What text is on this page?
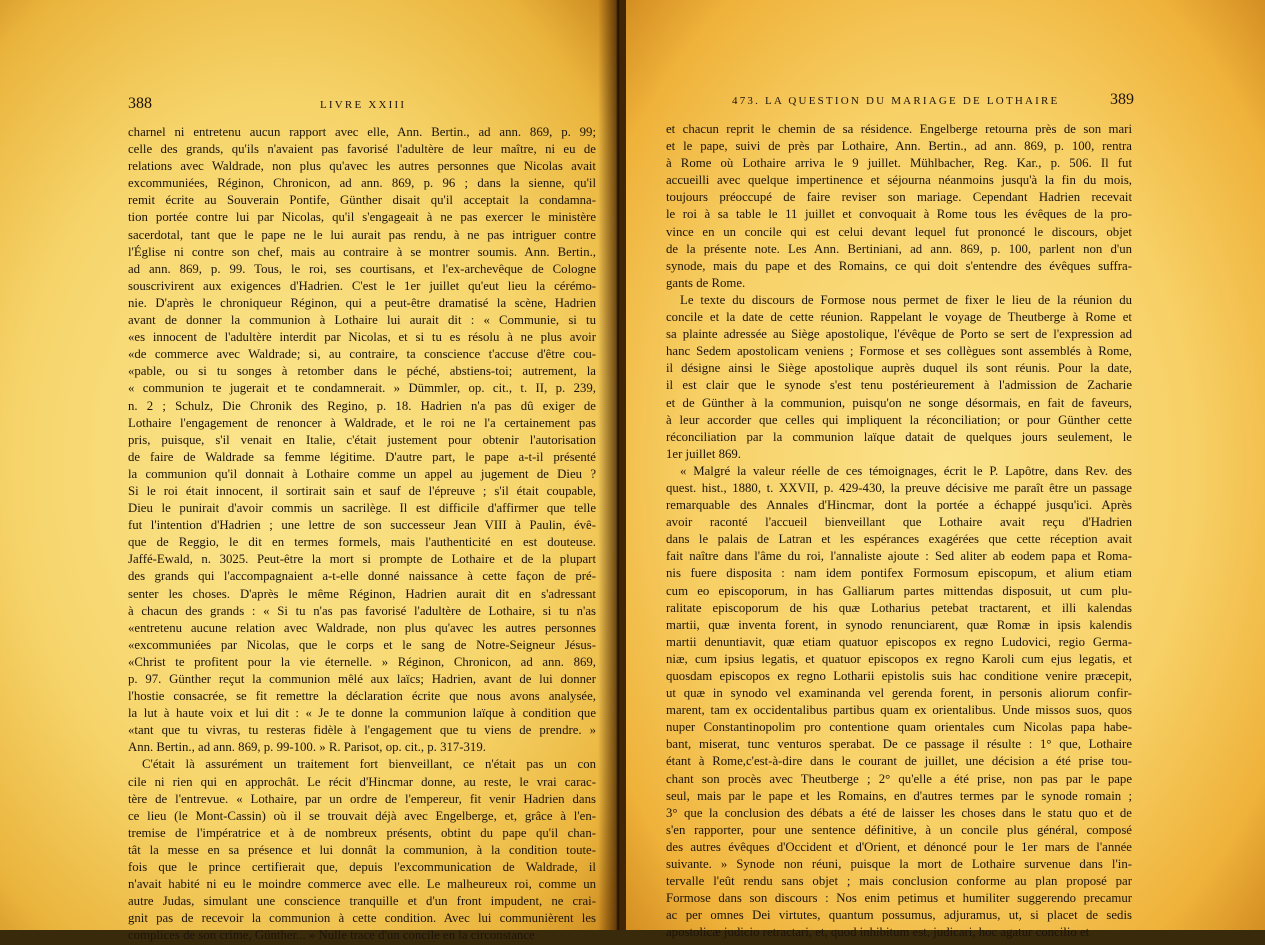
388	LIVRE XXIII
charnel ni entretenu aucun rapport avec elle, Ann. Bertin., ad ann. 869, p. 99;
celle des grands, qu'ils n'avaient pas favorisé l'adultère de leur maître, ni eu de
relations avec Waldrade, non plus qu'avec les autres personnes que Nicolas avait
excommuniées, Réginon, Chronicon, ad ann. 869, p. 96 ; dans la sienne, qu'il
remit écrite au Souverain Pontife, Günther disait qu'il acceptait la condamna-
tion portée contre lui par Nicolas, qu'il s'engageait à ne pas exercer le ministère
sacerdotal, tant que le pape ne le lui aurait pas rendu, à ne pas intriguer contre
l'Église ni contre son chef, mais au contraire à se montrer soumis. Ann. Bertin.,
ad ann. 869, p. 99. Tous, le roi, ses courtisans, et l'ex-archevêque de Cologne
souscrivirent aux exigences d'Hadrien. C'est le 1er juillet qu'eut lieu la cérémo-
nie. D'après le chroniqueur Réginon, qui a peut-être dramatisé la scène, Hadrien
avant de donner la communion à Lothaire lui aurait dit : « Communie, si tu
«es innocent de l'adultère interdit par Nicolas, et si tu es résolu à ne plus avoir
«de commerce avec Waldrade; si, au contraire, ta conscience t'accuse d'être cou-
«pable, ou si tu songes à retomber dans le péché, abstiens-toi; autrement, la
« communion te jugerait et te condamnerait. » Dümmler, op. cit., t. II, p. 239,
n. 2 ; Schulz, Die Chronik des Regino, p. 18. Hadrien n'a pas dû exiger de
Lothaire l'engagement de renoncer à Waldrade, et le roi ne l'a certainement pas
pris, puisque, s'il venait en Italie, c'était justement pour obtenir l'autorisation
de faire de Waldrade sa femme légitime. D'autre part, le pape a-t-il présenté
la communion qu'il donnait à Lothaire comme un appel au jugement de Dieu ?
Si le roi était innocent, il sortirait sain et sauf de l'épreuve ; s'il était coupable,
Dieu le punirait d'avoir commis un sacrilège. Il est difficile d'affirmer que telle
fut l'intention d'Hadrien ; une lettre de son successeur Jean VIII à Paulin, évê-
que de Reggio, le dit en termes formels, mais l'authenticité en est douteuse.
Jaffé-Ewald, n. 3025. Peut-être la mort si prompte de Lothaire et de la plupart
des grands qui l'accompagnaient a-t-elle donné naissance à cette façon de pré-
senter les choses. D'après le même Réginon, Hadrien aurait dit en s'adressant
à chacun des grands : « Si tu n'as pas favorisé l'adultère de Lothaire, si tu n'as
«entretenu aucune relation avec Waldrade, non plus qu'avec les autres personnes
«excommuniées par Nicolas, que le corps et le sang de Notre-Seigneur Jésus-
«Christ te profitent pour la vie éternelle. » Réginon, Chronicon, ad ann. 869,
p. 97. Günther reçut la communion mêlé aux laïcs; Hadrien, avant de lui donner
l'hostie consacrée, se fit remettre la déclaration écrite que nous avons analysée,
la lut à haute voix et lui dit : « Je te donne la communion laïque à condition que
«tant que tu vivras, tu resteras fidèle à l'engagement que tu viens de prendre. »
Ann. Bertin., ad ann. 869, p. 99-100. » R. Parisot, op. cit., p. 317-319.
C'était là assurément un traitement fort bienveillant, ce n'était pas un con
cile ni rien qui en approchât. Le récit d'Hincmar donne, au reste, le vrai carac-
tère de l'entrevue. « Lothaire, par un ordre de l'empereur, fit venir Hadrien dans
ce lieu (le Mont-Cassin) où il se trouvait déjà avec Engelberge, et, grâce à l'en-
tremise de l'impératrice et à de nombreux présents, obtint du pape qu'il chan-
tât la messe en sa présence et lui donnât la communion, à la condition toute-
fois que le prince certifierait que, depuis l'excommunication de Waldrade, il
n'avait habité ni eu le moindre commerce avec elle. Le malheureux roi, comme un
autre Judas, simulant une conscience tranquille et d'un front impudent, ne crai-
gnit pas de recevoir la communion à cette condition. Avec lui communièrent les
complices de son crime, Günther... » Nulle trace d'un concile en la circonstance
473. LA QUESTION DU MARIAGE DE LOTHAIRE	389
et chacun reprit le chemin de sa résidence. Engelberge retourna près de son mari
et le pape, suivi de près par Lothaire, Ann. Bertin., ad ann. 869, p. 100, rentra
à Rome où Lothaire arriva le 9 juillet. Mühlbacher, Reg. Kar., p. 506. Il fut
accueilli avec quelque impertinence et séjourna néanmoins jusqu'à la fin du mois,
toujours préoccupé de faire reviser son mariage. Cependant Hadrien recevait
le roi à sa table le 11 juillet et convoquait à Rome tous les évêques de la pro-
vince en un concile qui est celui devant lequel fut prononcé le discours, objet
de la présente note. Les Ann. Bertiniani, ad ann. 869, p. 100, parlent non d'un
synode, mais du pape et des Romains, ce qui doit s'entendre des évêques suffra-
gants de Rome.
Le texte du discours de Formose nous permet de fixer le lieu de la réunion du
concile et la date de cette réunion. Rappelant le voyage de Theutberge à Rome et
sa plainte adressée au Siège apostolique, l'évêque de Porto se sert de l'expression ad
hanc Sedem apostolicam veniens ; Formose et ses collègues sont assemblés à Rome,
il désigne ainsi le Siège apostolique auprès duquel ils sont réunis. Pour la date,
il est clair que le synode s'est tenu postérieurement à l'admission de Zacharie
et de Günther à la communion, puisqu'on ne songe désormais, en fait de faveurs,
à leur accorder que celles qui impliquent la réconciliation; or pour Günther cette
réconciliation par la communion laïque datait de quelques jours seulement, le
1er juillet 869.
« Malgré la valeur réelle de ces témoignages, écrit le P. Lapôtre, dans Rev. des
quest. hist., 1880, t. XXVII, p. 429-430, la preuve décisive me paraît être un passage
remarquable des Annales d'Hincmar, dont la portée a échappé jusqu'ici. Après
avoir raconté l'accueil bienveillant que Lothaire avait reçu d'Hadrien
dans le palais de Latran et les espérances exagérées que cette réception avait
fait naître dans l'âme du roi, l'annaliste ajoute : Sed aliter ab eodem papa et Roma-
nis fuere disposita : nam idem pontifex Formosum episcopum, et alium etiam
cum eo episcoporum, in has Galliarum partes mittendas disposuit, ut cum plu-
ralitate episcoporum de his quæ Lotharius petebat tractarent, et illi kalendas
martii, quæ inventa forent, in synodo renunciarent, quæ Romæ in ipsis kalendis
martii denuntiavit, quæ etiam quatuor episcopos ex regno Ludovici, regio Germa-
niæ, cum ipsius legatis, et quatuor episcopos ex regno Karoli cum ejus legatis, et
quosdam episcopos ex regno Lotharii epistolis suis hac conditione venire præcepit,
ut quæ in synodo vel examinanda vel gerenda forent, in personis aliorum confir-
marent, tam ex occidentalibus partibus quam ex orientalibus. Unde missos suos, quos
nuper Constantinopolim pro contentione quam orientales cum Nicolas papa habe-
bant, miserat, tunc venturos sperabat. De ce passage il résulte : 1° que, Lothaire
étant à Rome,c'est-à-dire dans le courant de juillet, une décision a été prise tou-
chant son procès avec Theutberge ; 2° qu'elle a été prise, non pas par le pape
seul, mais par le pape et les Romains, en d'autres termes par le synode romain ;
3° que la conclusion des débats a été de laisser les choses dans le statu quo et de
s'en rapporter, pour une sentence définitive, à un concile plus général, composé
des autres évêques d'Occident et d'Orient, et dénoncé pour le 1er mars de l'année
suivante. » Synode non réuni, puisque la mort de Lothaire survenue dans l'in-
tervalle l'eût rendu sans objet ; mais conclusion conforme au plan proposé par
Formose dans son discours : Nos enim petimus et humiliter suggerendo precamur
ac per omnes Dei virtutes, quantum possumus, adjuramus, ut, si placet de sedis
apostolicæ judicio retractari, et, quod inhibitum est, judicari, hoc agatur concilio et
